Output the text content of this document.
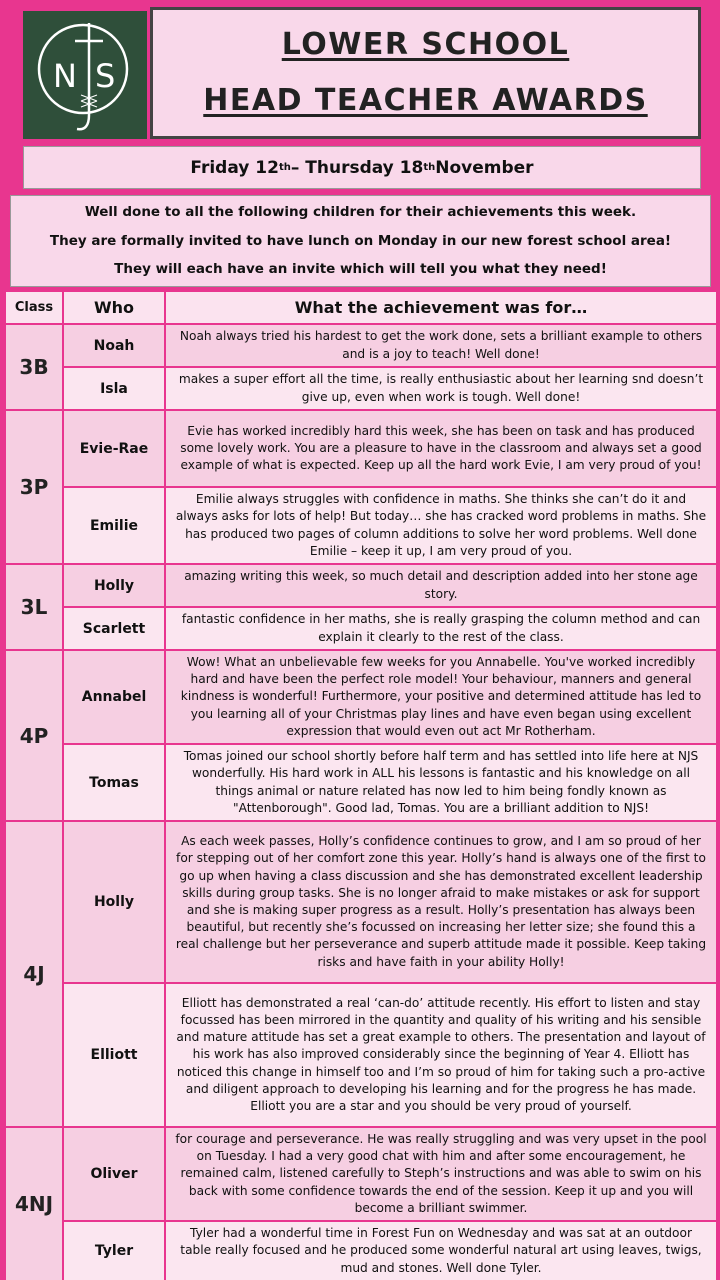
N S
LOWER SCHOOL
HEAD TEACHER AWARDS
Friday 12 th – Thursday 18 th November
Well done to all the following children for their achievements this week.
They are formally invited to have lunch on Monday in our new forest school area!
They will each have an invite which will tell you what they need!
Class	Who	What the achievement was for…
3B	Noah	Noah always tried his hardest to get the work done, sets a brilliant example to others and is a joy to teach! Well done!
	Isla	makes a super effort all the time, is really enthusiastic about her learning snd doesn’t give up, even when work is tough. Well done!
3P	Evie-Rae	Evie has worked incredibly hard this week, she has been on task and has produced some lovely work. You are a pleasure to have in the classroom and always set a good example of what is expected. Keep up all the hard work Evie, I am very proud of you!
	Emilie	Emilie always struggles with confidence in maths. She thinks she can’t do it and always asks for lots of help! But today… she has cracked word problems in maths. She has produced two pages of column additions to solve her word problems. Well done Emilie – keep it up, I am very proud of you.
3L	Holly	amazing writing this week, so much detail and description added into her stone age story.
	Scarlett	fantastic confidence in her maths, she is really grasping the column method and can explain it clearly to the rest of the class.
4P	Annabel	Wow! What an unbelievable few weeks for you Annabelle. You've worked incredibly hard and have been the perfect role model! Your behaviour, manners and general kindness is wonderful! Furthermore, your positive and determined attitude has led to you learning all of your Christmas play lines and have even began using excellent expression that would even out act Mr Rotherham.
	Tomas	Tomas joined our school shortly before half term and has settled into life here at NJS wonderfully. His hard work in ALL his lessons is fantastic and his knowledge on all things animal or nature related has now led to him being fondly known as "Attenborough". Good lad, Tomas. You are a brilliant addition to NJS!
4J	Holly	As each week passes, Holly’s confidence continues to grow, and I am so proud of her for stepping out of her comfort zone this year. Holly’s hand is always one of the first to go up when having a class discussion and she has demonstrated excellent leadership skills during group tasks. She is no longer afraid to make mistakes or ask for support and she is making super progress as a result. Holly’s presentation has always been beautiful, but recently she’s focussed on increasing her letter size; she found this a real challenge but her perseverance and superb attitude made it possible. Keep taking risks and have faith in your ability Holly!
	Elliott	Elliott has demonstrated a real ‘can-do’ attitude recently. His effort to listen and stay focussed has been mirrored in the quantity and quality of his writing and his sensible and mature attitude has set a great example to others. The presentation and layout of his work has also improved considerably since the beginning of Year 4. Elliott has noticed this change in himself too and I’m so proud of him for taking such a pro-active and diligent approach to developing his learning and for the progress he has made. Elliott you are a star and you should be very proud of yourself.
4NJ	Oliver	for courage and perseverance. He was really struggling and was very upset in the pool on Tuesday. I had a very good chat with him and after some encouragement, he remained calm, listened carefully to Steph’s instructions and was able to swim on his back with some confidence towards the end of the session. Keep it up and you will become a brilliant swimmer.
	Tyler	Tyler had a wonderful time in Forest Fun on Wednesday and was sat at an outdoor table really focused and he produced some wonderful natural art using leaves, twigs, mud and stones. Well done Tyler.
